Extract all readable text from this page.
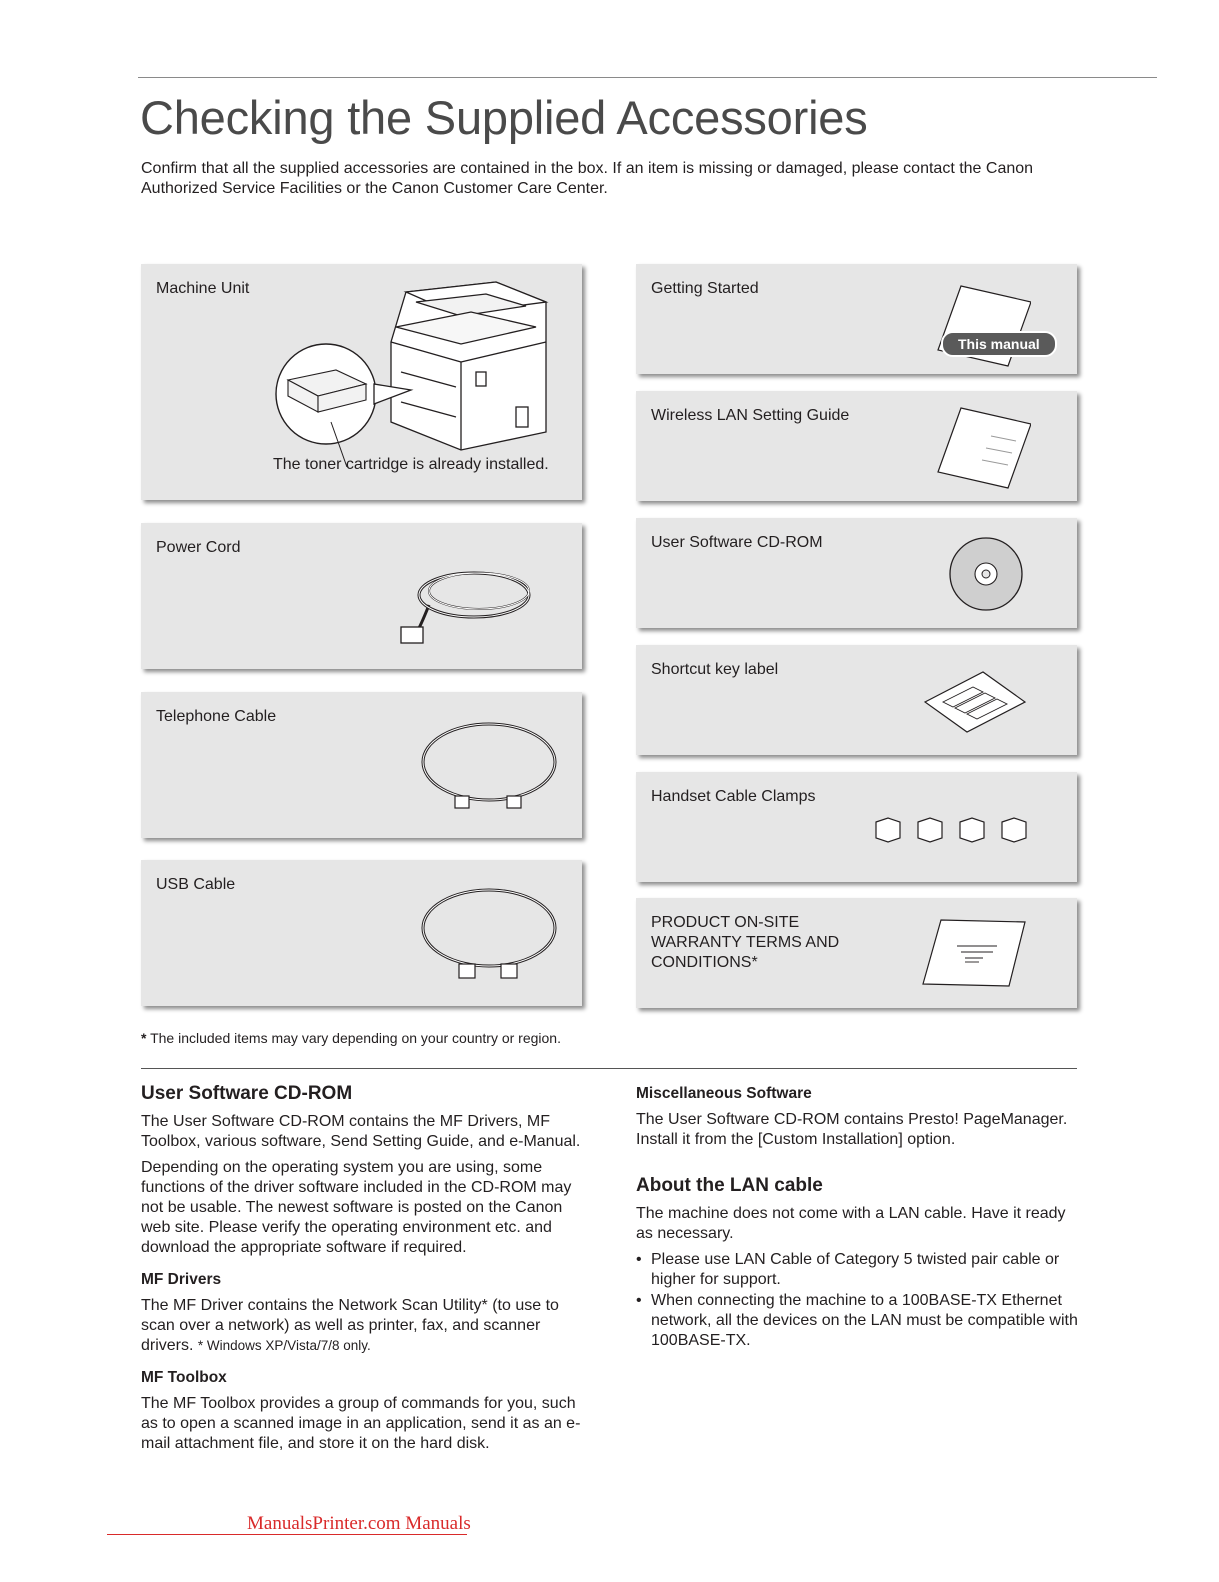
Checking the Supplied Accessories

Confirm that all the supplied accessories are contained in the box. If an item is missing or damaged, please contact the Canon Authorized Service Facilities or the Canon Customer Care Center.

Machine Unit
The toner cartridge is already installed.
Power Cord
Telephone Cable
USB Cable
Getting Started
This manual
Wireless LAN Setting Guide
User Software CD-ROM
Shortcut key label
Handset Cable Clamps
PRODUCT ON-SITE
WARRANTY TERMS AND
CONDITIONS*
* The included items may vary depending on your country or region.
User Software CD-ROM

The User Software CD-ROM contains the MF Drivers, MF Toolbox, various software, Send Setting Guide, and e-Manual.

Depending on the operating system you are using, some functions of the driver software included in the CD-ROM may not be usable. The newest software is posted on the Canon web site. Please verify the operating environment etc. and download the appropriate software if required.

MF Drivers

The MF Driver contains the Network Scan Utility* (to use to scan over a network) as well as printer, fax, and scanner drivers. * Windows XP/Vista/7/8 only.

MF Toolbox

The MF Toolbox provides a group of commands for you, such as to open a scanned image in an application, send it as an e-mail attachment file, and store it on the hard disk.

Miscellaneous Software

The User Software CD-ROM contains Presto! PageManager. Install it from the [Custom Installation] option.

About the LAN cable

The machine does not come with a LAN cable. Have it ready as necessary.

• Please use LAN Cable of Category 5 twisted pair cable or higher for support.
• When connecting the machine to a 100BASE-TX Ethernet network, all the devices on the LAN must be compatible with 100BASE-TX.
ManualsPrinter.com Manuals
